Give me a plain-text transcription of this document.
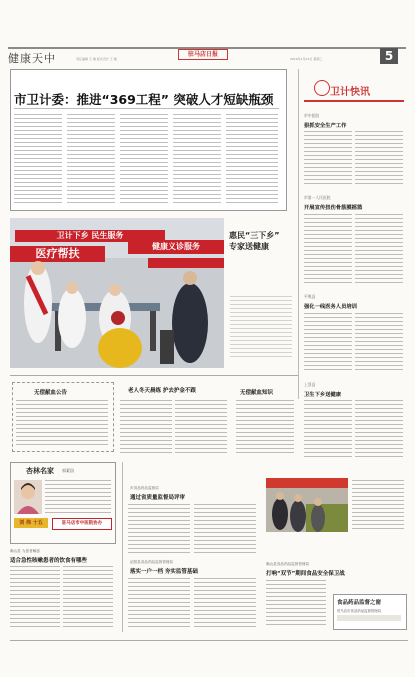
健康天中	责任编辑 王 楠 版式设计 王 楠
驻马店日报
2019年1月23日 星期三	5
市卫计委：推进“369工程” 突破人才短缺瓶颈	卫计快讯
市中医院
狠抓安全生产工作
市第一人民医院
开展宣传扭伤骨筋膜摇篮
平舆县
强化一线医务人员培训
上蔡县
卫生下乡送健康
卫计下乡 民生服务
医疗帮扶
健康义诊服务
惠民“三下乡” 专家送健康
无偿献血公告	老人冬天晨练 护去护金不跟	无偿献血知识
杏林名家 郭素国
刘 伟 十五	驻马店市中医院协办
确山县 为患者解惑
适合急性咳嗽患者的饮食有哪些
市食品药品监督局
通过省质量监督局评审
泌阳县食品药品监督管理局
落实一户一档 夯实监管基础
确山县食品药品监督管理局
打响“双节”期间食品安全保卫战
食品药品监督之窗
驻马店市食品药品监督管理局
